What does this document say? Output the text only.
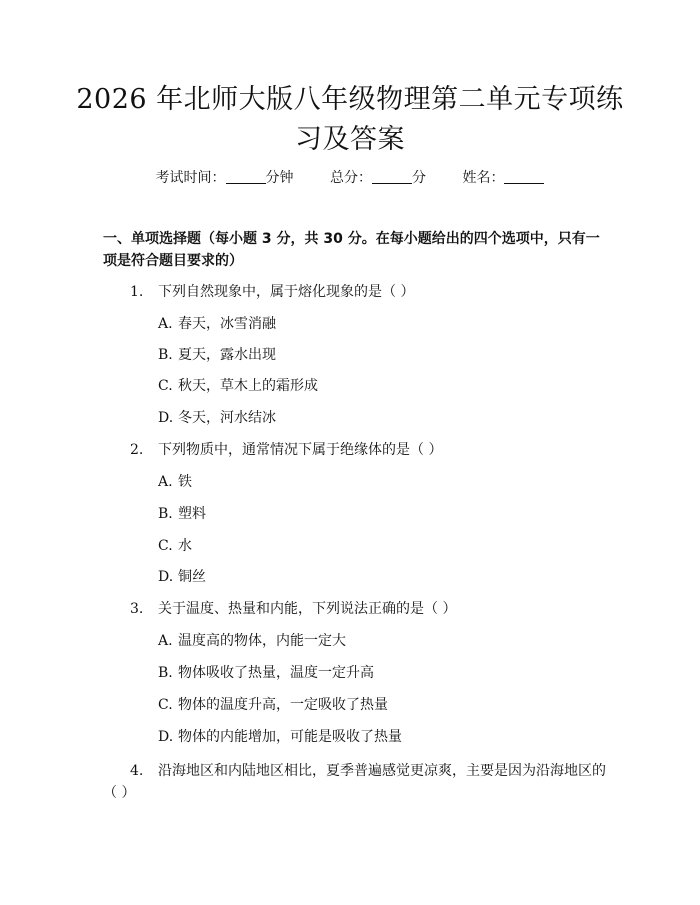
2026 年北师大版八年级物理第二单元专项练习及答案
考试时间：	分钟	总分：	分	姓名：
一、单项选择题（每小题 3 分，共 30 分。在每小题给出的四个选项中，只有一项是符合题目要求的）
1. 下列自然现象中，属于熔化现象的是（ ）
A. 春天，冰雪消融
B. 夏天，露水出现
C. 秋天，草木上的霜形成
D. 冬天，河水结冰
2. 下列物质中，通常情况下属于绝缘体的是（ ）
A. 铁
B. 塑料
C. 水
D. 铜丝
3. 关于温度、热量和内能，下列说法正确的是（ ）
A. 温度高的物体，内能一定大
B. 物体吸收了热量，温度一定升高
C. 物体的温度升高，一定吸收了热量
D. 物体的内能增加，可能是吸收了热量
4. 沿海地区和内陆地区相比，夏季普遍感觉更凉爽，主要是因为沿海地区的（ ）
